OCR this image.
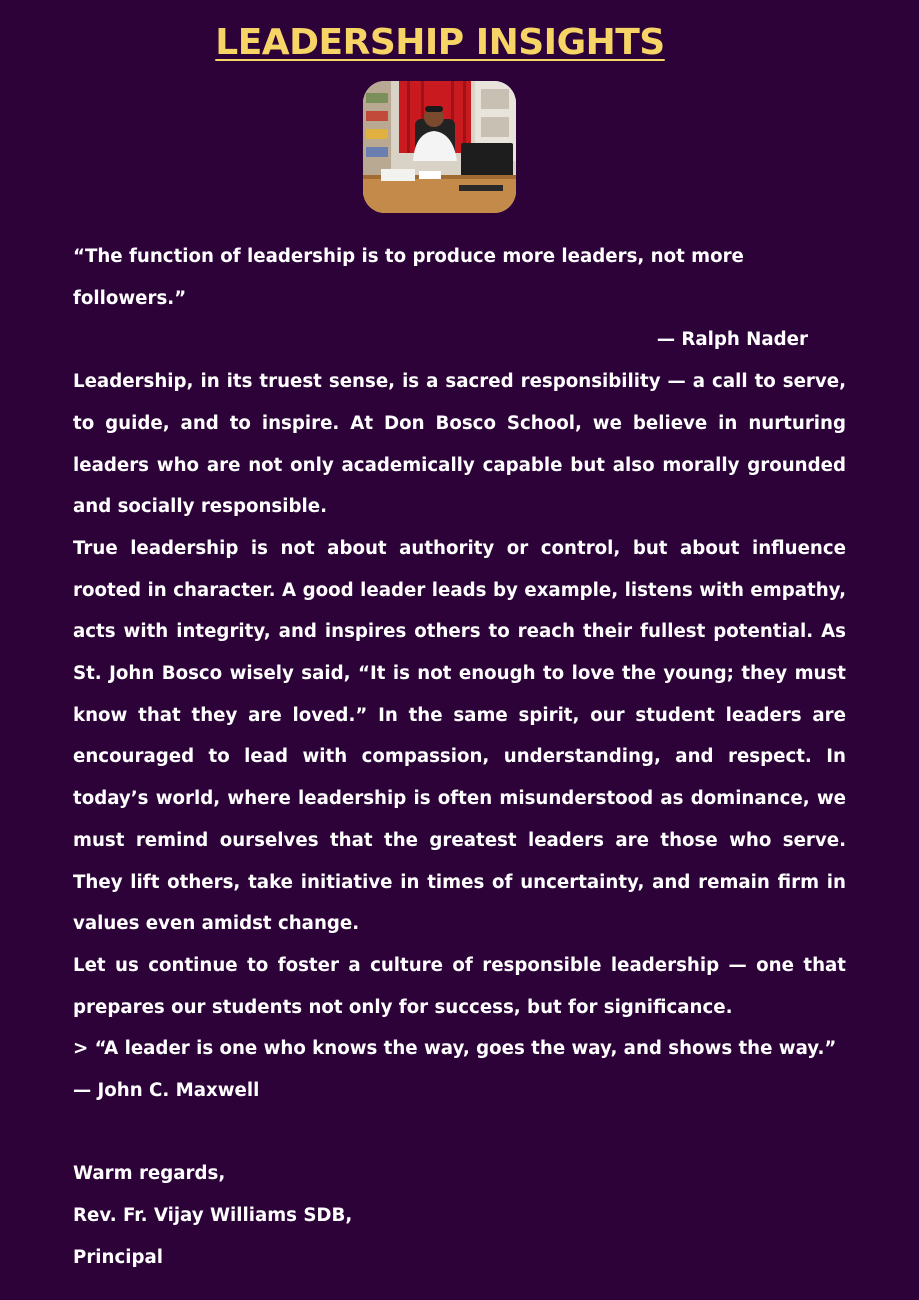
LEADERSHIP INSIGHTS

“The function of leadership is to produce more leaders, not more followers.”

— Ralph Nader

Leadership, in its truest sense, is a sacred responsibility — a call to serve, to guide, and to inspire. At Don Bosco School, we believe in nurturing leaders who are not only academically capable but also morally grounded and socially responsible.

True leadership is not about authority or control, but about influence rooted in character. A good leader leads by example, listens with empathy, acts with integrity, and inspires others to reach their fullest potential. As St. John Bosco wisely said, “It is not enough to love the young; they must know that they are loved.” In the same spirit, our student leaders are encouraged to lead with compassion, understanding, and respect. In today’s world, where leadership is often misunderstood as dominance, we must remind ourselves that the greatest leaders are those who serve. They lift others, take initiative in times of uncertainty, and remain firm in values even amidst change.

Let us continue to foster a culture of responsible leadership — one that prepares our students not only for success, but for significance.

> “A leader is one who knows the way, goes the way, and shows the way.”

— John C. Maxwell

Warm regards,

Rev. Fr. Vijay Williams SDB,

Principal
